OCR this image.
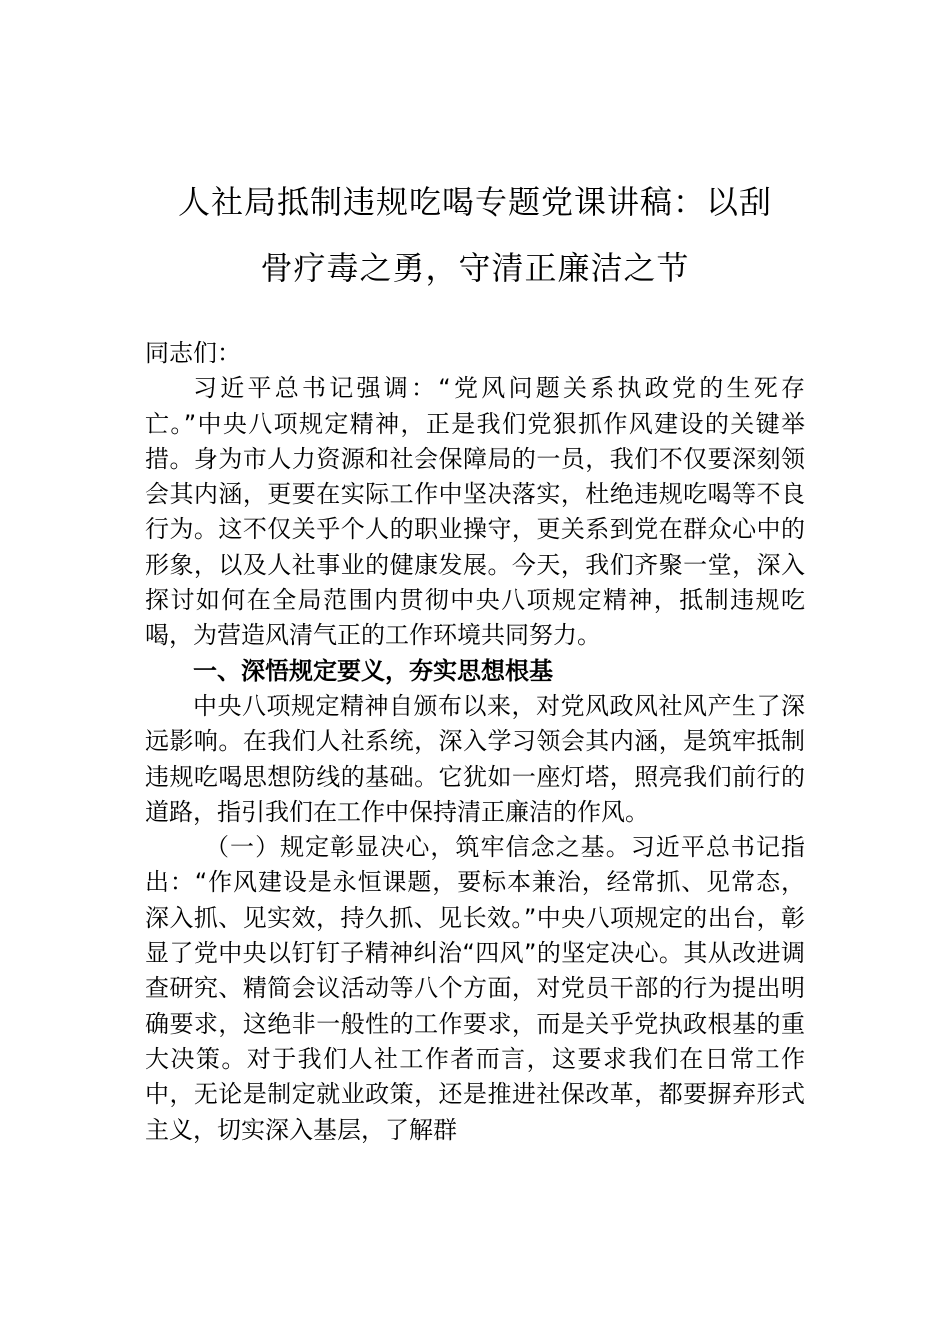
人社局抵制违规吃喝专题党课讲稿：以刮
骨疗毒之勇，守清正廉洁之节

同志们：

习近平总书记强调：“党风问题关系执政党的生死存亡。”中央八项规定精神，正是我们党狠抓作风建设的关键举措。身为市人力资源和社会保障局的一员，我们不仅要深刻领会其内涵，更要在实际工作中坚决落实，杜绝违规吃喝等不良行为。这不仅关乎个人的职业操守，更关系到党在群众心中的形象，以及人社事业的健康发展。今天，我们齐聚一堂，深入探讨如何在全局范围内贯彻中央八项规定精神，抵制违规吃喝，为营造风清气正的工作环境共同努力。

一、深悟规定要义，夯实思想根基

中央八项规定精神自颁布以来，对党风政风社风产生了深远影响。在我们人社系统，深入学习领会其内涵，是筑牢抵制违规吃喝思想防线的基础。它犹如一座灯塔，照亮我们前行的道路，指引我们在工作中保持清正廉洁的作风。

（一）规定彰显决心，筑牢信念之基。习近平总书记指出：“作风建设是永恒课题，要标本兼治，经常抓、见常态，深入抓、见实效，持久抓、见长效。”中央八项规定的出台，彰显了党中央以钉钉子精神纠治“四风”的坚定决心。其从改进调查研究、精简会议活动等八个方面，对党员干部的行为提出明确要求，这绝非一般性的工作要求，而是关乎党执政根基的重大决策。对于我们人社工作者而言，这要求我们在日常工作中，无论是制定就业政策，还是推进社保改革，都要摒弃形式主义，切实深入基层，了解群
